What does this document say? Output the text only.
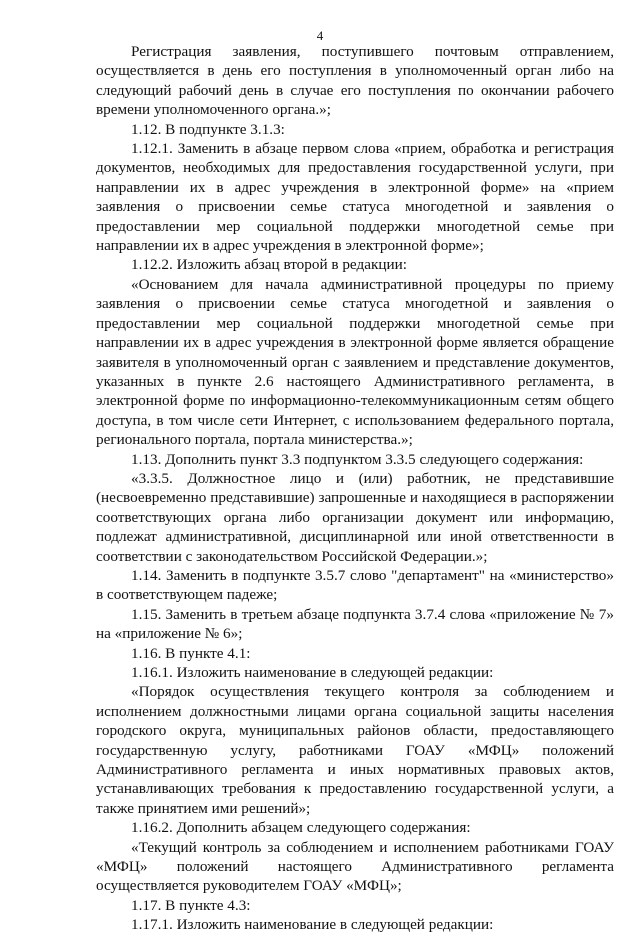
4

Регистрация заявления, поступившего почтовым отправлением, осуществляется в день его поступления в уполномоченный орган либо на следующий рабочий день в случае его поступления по окончании рабочего времени уполномоченного органа.»;

1.12. В подпункте 3.1.3:

1.12.1. Заменить в абзаце первом слова «прием, обработка и регистрация документов, необходимых для предоставления государственной услуги, при направлении их в адрес учреждения в электронной форме» на «прием заявления о присвоении семье статуса многодетной и заявления о предоставлении мер социальной поддержки многодетной семье при направлении их в адрес учреждения в электронной форме»;

1.12.2. Изложить абзац второй в редакции:

«Основанием для начала административной процедуры по приему заявления о присвоении семье статуса многодетной и заявления о предоставлении мер социальной поддержки многодетной семье при направлении их в адрес учреждения в электронной форме является обращение заявителя в уполномоченный орган с заявлением и представление документов, указанных в пункте 2.6 настоящего Административного регламента, в электронной форме по информационно-телекоммуникационным сетям общего доступа, в том числе сети Интернет, с использованием федерального портала, регионального портала, портала министерства.»;

1.13. Дополнить пункт 3.3 подпунктом 3.3.5 следующего содержания:

«3.3.5. Должностное лицо и (или) работник, не представившие (несвоевременно представившие) запрошенные и находящиеся в распоряжении соответствующих органа либо организации документ или информацию, подлежат административной, дисциплинарной или иной ответственности в соответствии с законодательством Российской Федерации.»;

1.14. Заменить в подпункте 3.5.7 слово "департамент" на «министерство» в соответствующем падеже;

1.15. Заменить в третьем абзаце подпункта 3.7.4 слова «приложение № 7» на «приложение № 6»;

1.16. В пункте 4.1:

1.16.1. Изложить наименование в следующей редакции:

«Порядок осуществления текущего контроля за соблюдением и исполнением должностными лицами органа социальной защиты населения городского округа, муниципальных районов области, предоставляющего государственную услугу, работниками ГОАУ «МФЦ» положений Административного регламента и иных нормативных правовых актов, устанавливающих требования к предоставлению государственной услуги, а также принятием ими решений»;

1.16.2. Дополнить абзацем следующего содержания:

«Текущий контроль за соблюдением и исполнением работниками ГОАУ «МФЦ» положений настоящего Административного регламента осуществляется руководителем ГОАУ «МФЦ»;

1.17. В пункте 4.3:

1.17.1. Изложить наименование в следующей редакции:
